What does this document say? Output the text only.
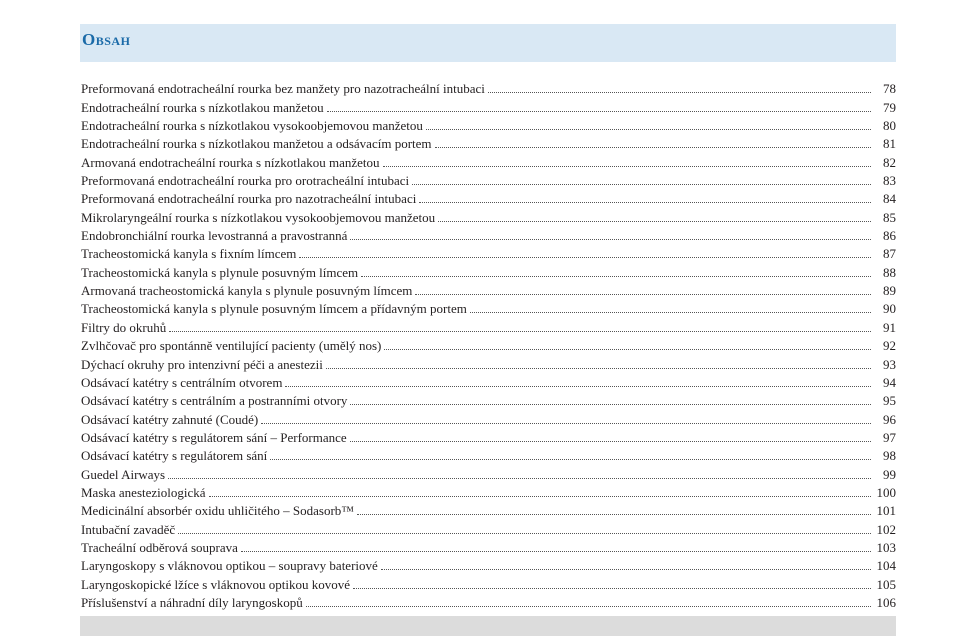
Obsah
Preformovaná endotracheální rourka bez manžety pro nazotracheální intubaci	78
Endotracheální rourka s nízkotlakou manžetou	79
Endotracheální rourka s nízkotlakou vysokoobjemovou manžetou	80
Endotracheální rourka s nízkotlakou manžetou a odsávacím portem	81
Armovaná endotracheální rourka s nízkotlakou manžetou	82
Preformovaná endotracheální rourka pro orotracheální intubaci	83
Preformovaná endotracheální rourka pro nazotracheální intubaci	84
Mikrolaryngeální rourka s nízkotlakou vysokoobjemovou manžetou	85
Endobronchiální rourka levostranná a pravostranná	86
Tracheostomická kanyla s fixním límcem	87
Tracheostomická kanyla s plynule posuvným límcem	88
Armovaná tracheostomická kanyla s plynule posuvným límcem	89
Tracheostomická kanyla s plynule posuvným límcem a přídavným portem	90
Filtry do okruhů	91
Zvlhčovač pro spontánně ventilující pacienty (umělý nos)	92
Dýchací okruhy pro intenzivní péči a anestezii	93
Odsávací katétry s centrálním otvorem	94
Odsávací katétry s centrálním a postranními otvory	95
Odsávací katétry zahnuté (Coudé)	96
Odsávací katétry s regulátorem sání – Performance	97
Odsávací katétry s regulátorem sání	98
Guedel Airways	99
Maska anesteziologická	100
Medicinální absorbér oxidu uhličitého – Sodasorb™	101
Intubační zavaděč	102
Tracheální odběrová souprava	103
Laryngoskopy s vláknovou optikou – soupravy bateriové	104
Laryngoskopické lžíce s vláknovou optikou kovové	105
Příslušenství a náhradní díly laryngoskopů	106
